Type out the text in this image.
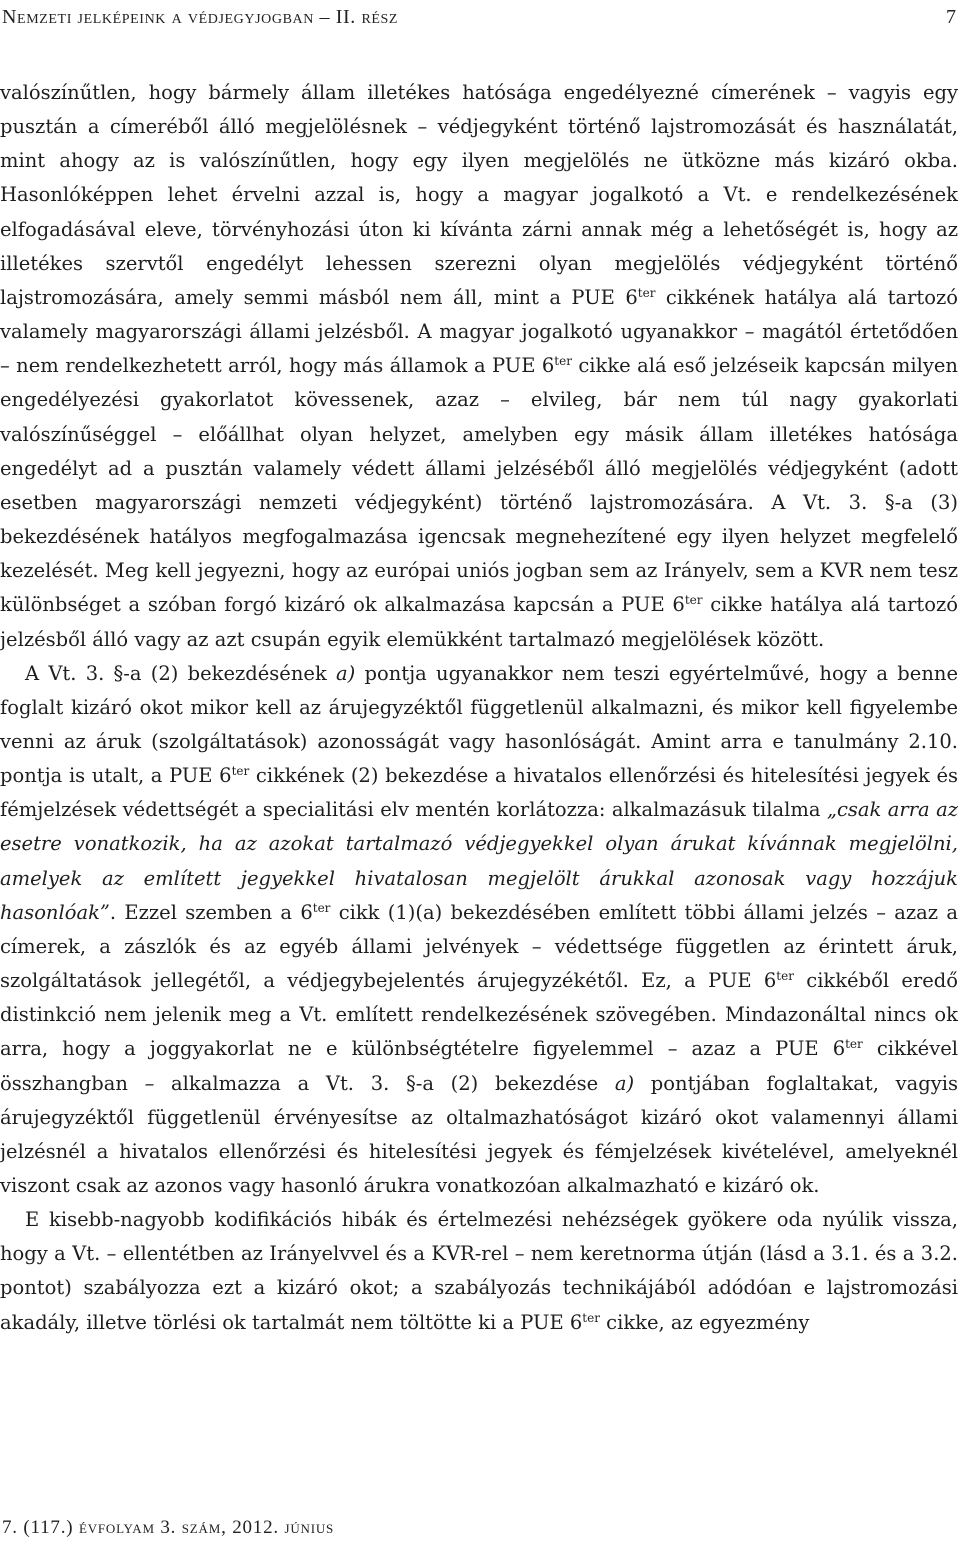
Nemzeti jelképeink a védjegyjogban – II. rész	7

valószínűtlen, hogy bármely állam illetékes hatósága engedélyezné címerének – vagyis egy pusztán a címeréből álló megjelölésnek – védjegyként történő lajstromozását és használatát, mint ahogy az is valószínűtlen, hogy egy ilyen megjelölés ne ütközne más kizáró okba. Hasonlóképpen lehet érvelni azzal is, hogy a magyar jogalkotó a Vt. e rendelkezésének elfogadásával eleve, törvényhozási úton ki kívánta zárni annak még a lehetőségét is, hogy az illetékes szervtől engedélyt lehessen szerezni olyan megjelölés védjegyként történő lajstromozására, amely semmi másból nem áll, mint a PUE $6^{ter}$ cikkének hatálya alá tartozó valamely magyarországi állami jelzésből. A magyar jogalkotó ugyanakkor – magától értetődően – nem rendelkezhetett arról, hogy más államok a PUE $6^{ter}$ cikke alá eső jelzéseik kapcsán milyen engedélyezési gyakorlatot kövessenek, azaz – elvileg, bár nem túl nagy gyakorlati valószínűséggel – előállhat olyan helyzet, amelyben egy másik állam illetékes hatósága engedélyt ad a pusztán valamely védett állami jelzéséből álló megjelölés védjegyként (adott esetben magyarországi nemzeti védjegyként) történő lajstromozására. A Vt. 3. §-a (3) bekezdésének hatályos megfogalmazása igencsak megnehezítené egy ilyen helyzet megfelelő kezelését. Meg kell jegyezni, hogy az európai uniós jogban sem az Irányelv, sem a KVR nem tesz különbséget a szóban forgó kizáró ok alkalmazása kapcsán a PUE $6^{ter}$ cikke hatálya alá tartozó jelzésből álló vagy az azt csupán egyik elemükként tartalmazó megjelölések között.

A Vt. 3. §-a (2) bekezdésének a) pontja ugyanakkor nem teszi egyértelművé, hogy a benne foglalt kizáró okot mikor kell az árujegyzéktől függetlenül alkalmazni, és mikor kell figyelembe venni az áruk (szolgáltatások) azonosságát vagy hasonlóságát. Amint arra e tanulmány 2.10. pontja is utalt, a PUE $6^{ter}$ cikkének (2) bekezdése a hivatalos ellenőrzési és hitelesítési jegyek és fémjelzések védettségét a specialitási elv mentén korlátozza: alkalmazásuk tilalma „csak arra az esetre vonatkozik, ha az azokat tartalmazó védjegyekkel olyan árukat kívánnak megjelölni, amelyek az említett jegyekkel hivatalosan megjelölt árukkal azonosak vagy hozzájuk hasonlóak”. Ezzel szemben a $6^{ter}$ cikk (1)(a) bekezdésében említett többi állami jelzés – azaz a címerek, a zászlók és az egyéb állami jelvények – védettsége független az érintett áruk, szolgáltatások jellegétől, a védjegybejelentés árujegyzékétől. Ez, a PUE $6^{ter}$ cikkéből eredő distinkció nem jelenik meg a Vt. említett rendelkezésének szövegében. Mindazonáltal nincs ok arra, hogy a joggyakorlat ne e különbségtételre figyelemmel – azaz a PUE $6^{ter}$ cikkével összhangban – alkalmazza a Vt. 3. §-a (2) bekezdése a) pontjában foglaltakat, vagyis árujegyzéktől függetlenül érvényesítse az oltalmazhatóságot kizáró okot valamennyi állami jelzésnél a hivatalos ellenőrzési és hitelesítési jegyek és fémjelzések kivételével, amelyeknél viszont csak az azonos vagy hasonló árukra vonatkozóan alkalmazható e kizáró ok.

E kisebb-nagyobb kodifikációs hibák és értelmezési nehézségek gyökere oda nyúlik vissza, hogy a Vt. – ellentétben az Irányelvvel és a KVR-rel – nem keretnorma útján (lásd a 3.1. és a 3.2. pontot) szabályozza ezt a kizáró okot; a szabályozás technikájából adódóan e lajstromozási akadály, illetve törlési ok tartalmát nem töltötte ki a PUE $6^{ter}$ cikke, az egyezmény

7. (117.) évfolyam 3. szám, 2012. június
